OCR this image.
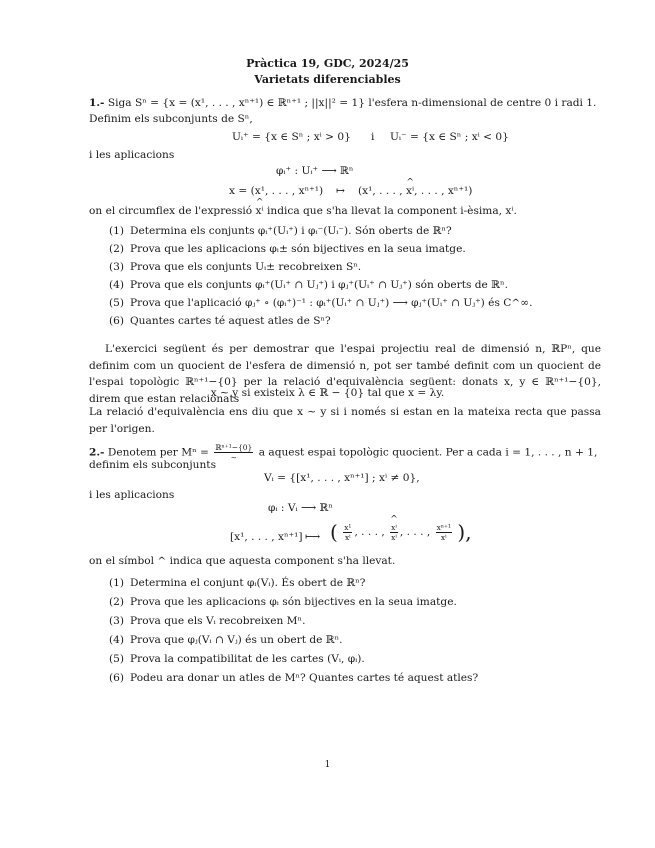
Pràctica 19, GDC, 2024/25
Varietats diferenciables
1.- Siga Sⁿ = {x = (x¹, . . . , xⁿ⁺¹) ∈ ℝⁿ⁺¹ ; ||x||² = 1} l'esfera n-dimensional de centre 0 i radi 1.
Definim els subconjunts de Sⁿ,
Uᵢ⁺ = {x ∈ Sⁿ ; xⁱ > 0} i Uᵢ⁻ = {x ∈ Sⁿ ; xⁱ < 0}
i les aplicacions
φᵢ⁺ : Uᵢ⁺ ⟶ ℝⁿ
x = (x¹, . . . , xⁿ⁺¹) ↦ (x¹, . . . , ^ xⁱ, . . . , xⁿ⁺¹)
on el circumflex de l'expressió ^ xⁱ indica que s'ha llevat la component i-èsima, xⁱ.
(1) Determina els conjunts φᵢ⁺(Uᵢ⁺) i φᵢ⁻(Uᵢ⁻). Són oberts de ℝⁿ?
(2) Prova que les aplicacions φᵢ± són bijectives en la seua imatge.
(3) Prova que els conjunts Uᵢ± recobreixen Sⁿ.
(4) Prova que els conjunts φᵢ⁺(Uᵢ⁺ ∩ Uⱼ⁺) i φⱼ⁺(Uᵢ⁺ ∩ Uⱼ⁺) són oberts de ℝⁿ.
(5) Prova que l'aplicació φⱼ⁺ ∘ (φᵢ⁺)⁻¹ : φᵢ⁺(Uᵢ⁺ ∩ Uⱼ⁺) ⟶ φⱼ⁺(Uᵢ⁺ ∩ Uⱼ⁺) és C^∞.
(6) Quantes cartes té aquest atles de Sⁿ?
L'exercici següent és per demostrar que l'espai projectiu real de dimensió n, ℝPⁿ, que definim com un quocient de l'esfera de dimensió n, pot ser també definit com un quocient de l'espai topològic ℝⁿ⁺¹−{0} per la relació d'equivalència següent: donats x, y ∈ ℝⁿ⁺¹−{0}, direm que estan relacionats
x ∼ y si existeix λ ∈ ℝ − {0} tal que x = λy.
La relació d'equivalència ens diu que x ∼ y si i només si estan en la mateixa recta que passa per l'origen.
2.- Denotem per $M^n = \frac{\text{ℝⁿ⁺¹−\{0\}}}{\sim}$ a aquest espai topològic quocient. Per a cada i = 1, . . . , n + 1,
definim els subconjunts
Vᵢ = {[x¹, . . . , xⁿ⁺¹] ; xⁱ ≠ 0},
i les aplicacions
φᵢ : Vᵢ ⟶ ℝⁿ
[x¹, . . . , xⁿ⁺¹] ⟼ ( $\frac{\text{x¹}}{\text{xⁱ}}$ , . . . ,
^ $\frac{\text{xⁱ}}{\text{xⁱ}}$ , . . . , $\frac{\text{xⁿ⁺¹}}{\text{xⁱ}}$ ),
on el símbol ^ indica que aquesta component s'ha llevat.
(1) Determina el conjunt φᵢ(Vᵢ). És obert de ℝⁿ?
(2) Prova que les aplicacions φᵢ són bijectives en la seua imatge.
(3) Prova que els Vᵢ recobreixen Mⁿ.
(4) Prova que φⱼ(Vᵢ ∩ Vⱼ) és un obert de ℝⁿ.
(5) Prova la compatibilitat de les cartes (Vᵢ, φᵢ).
(6) Podeu ara donar un atles de Mⁿ? Quantes cartes té aquest atles?
1
